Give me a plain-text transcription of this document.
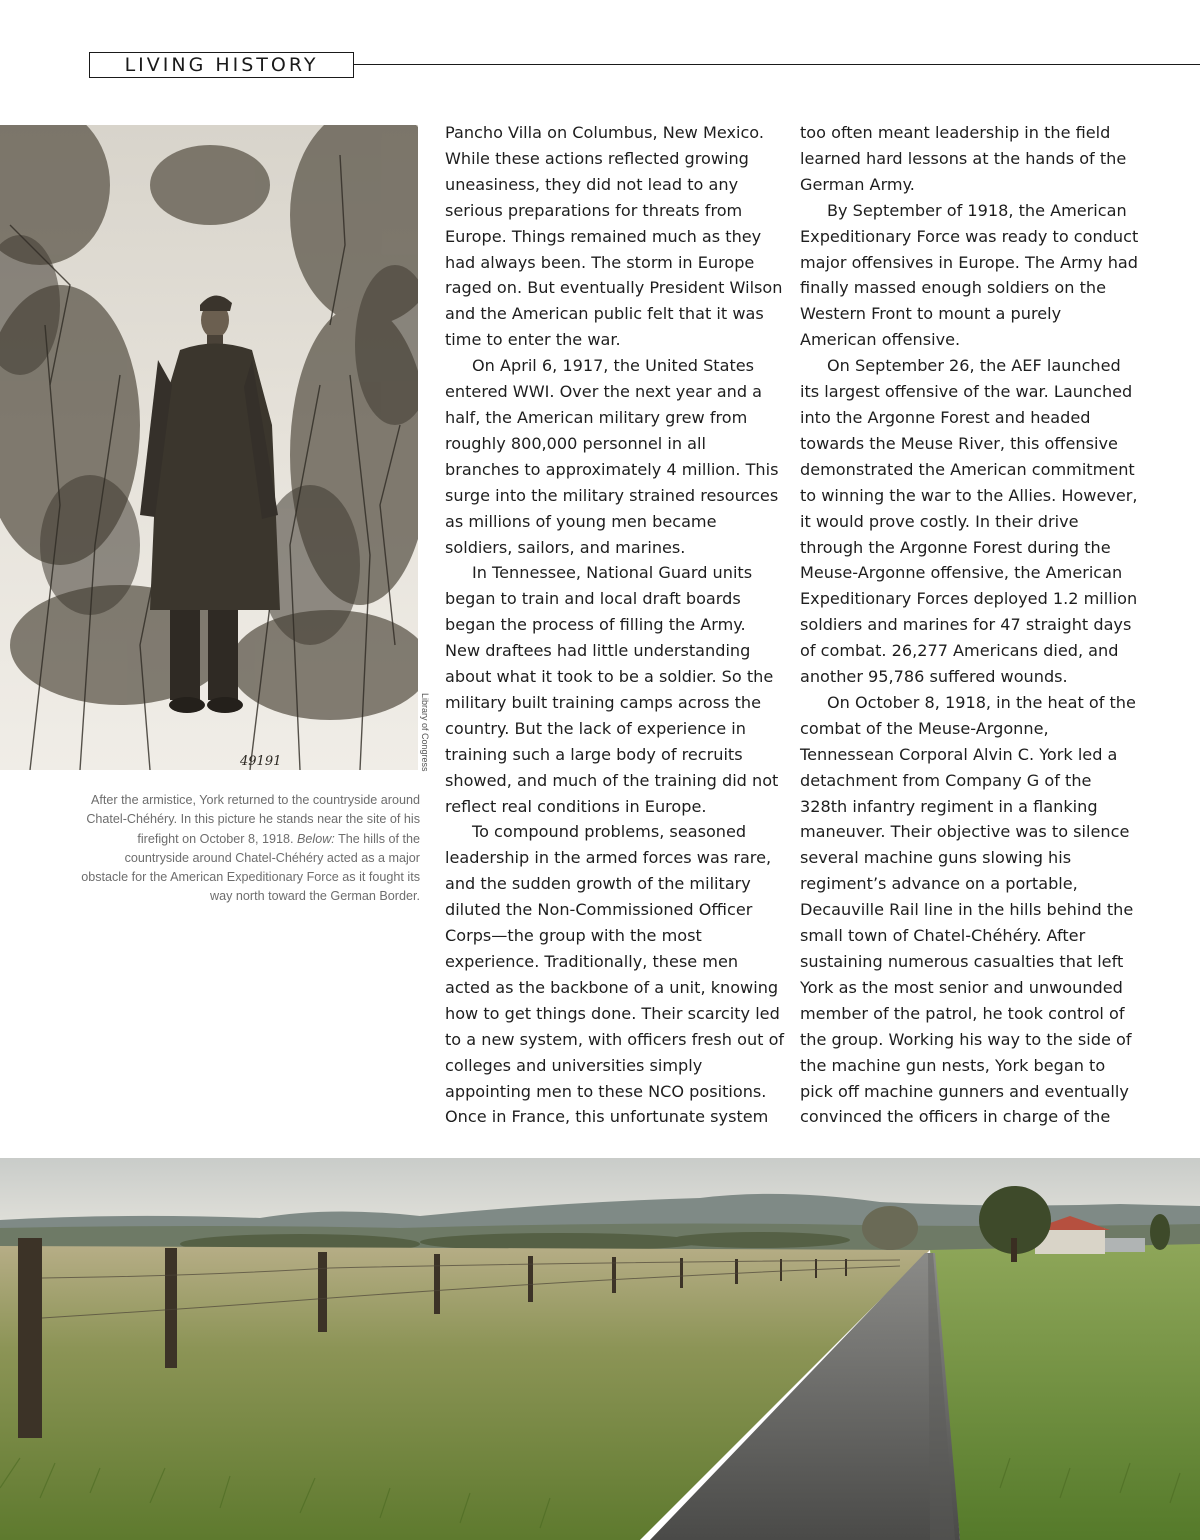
LIVING HISTORY
49191	Library of Congress
After the armistice, York returned to the countryside around Chatel-Chéhéry. In this picture he stands near the site of his firefight on October 8, 1918. Below: The hills of the countryside around Chatel-Chéhéry acted as a major obstacle for the American Expeditionary Force as it fought its way north toward the German Border.

Pancho Villa on Columbus, New Mexico. While these actions reflected growing uneasiness, they did not lead to any serious preparations for threats from Europe. Things remained much as they had always been. The storm in Europe raged on. But eventually President Wilson and the American public felt that it was time to enter the war.

On April 6, 1917, the United States entered WWI. Over the next year and a half, the American military grew from roughly 800,000 personnel in all branches to approximately 4 million. This surge into the military strained resources as millions of young men became soldiers, sailors, and marines.

In Tennessee, National Guard units began to train and local draft boards began the process of filling the Army. New draftees had little understanding about what it took to be a soldier. So the military built training camps across the country. But the lack of experience in training such a large body of recruits showed, and much of the training did not reflect real conditions in Europe.

To compound problems, seasoned leadership in the armed forces was rare, and the sudden growth of the military diluted the Non-Commissioned Officer Corps—the group with the most experience. Traditionally, these men acted as the backbone of a unit, knowing how to get things done. Their scarcity led to a new system, with officers fresh out of colleges and universities simply appointing men to these NCO positions. Once in France, this unfortunate system

too often meant leadership in the field learned hard lessons at the hands of the German Army.

By September of 1918, the American Expeditionary Force was ready to conduct major offensives in Europe. The Army had finally massed enough soldiers on the Western Front to mount a purely American offensive.

On September 26, the AEF launched its largest offensive of the war. Launched into the Argonne Forest and headed towards the Meuse River, this offensive demonstrated the American commitment to winning the war to the Allies. However, it would prove costly. In their drive through the Argonne Forest during the Meuse-Argonne offensive, the American Expeditionary Forces deployed 1.2 million soldiers and marines for 47 straight days of combat. 26,277 Americans died, and another 95,786 suffered wounds.

On October 8, 1918, in the heat of the combat of the Meuse-Argonne, Tennessean Corporal Alvin C. York led a detachment from Company G of the 328th infantry regiment in a flanking maneuver. Their objective was to silence several machine guns slowing his regiment’s advance on a portable, Decauville Rail line in the hills behind the small town of Chatel-Chéhéry. After sustaining numerous casualties that left York as the most senior and unwounded member of the patrol, he took control of the group. Working his way to the side of the machine gun nests, York began to pick off machine gunners and eventually convinced the officers in charge of the
